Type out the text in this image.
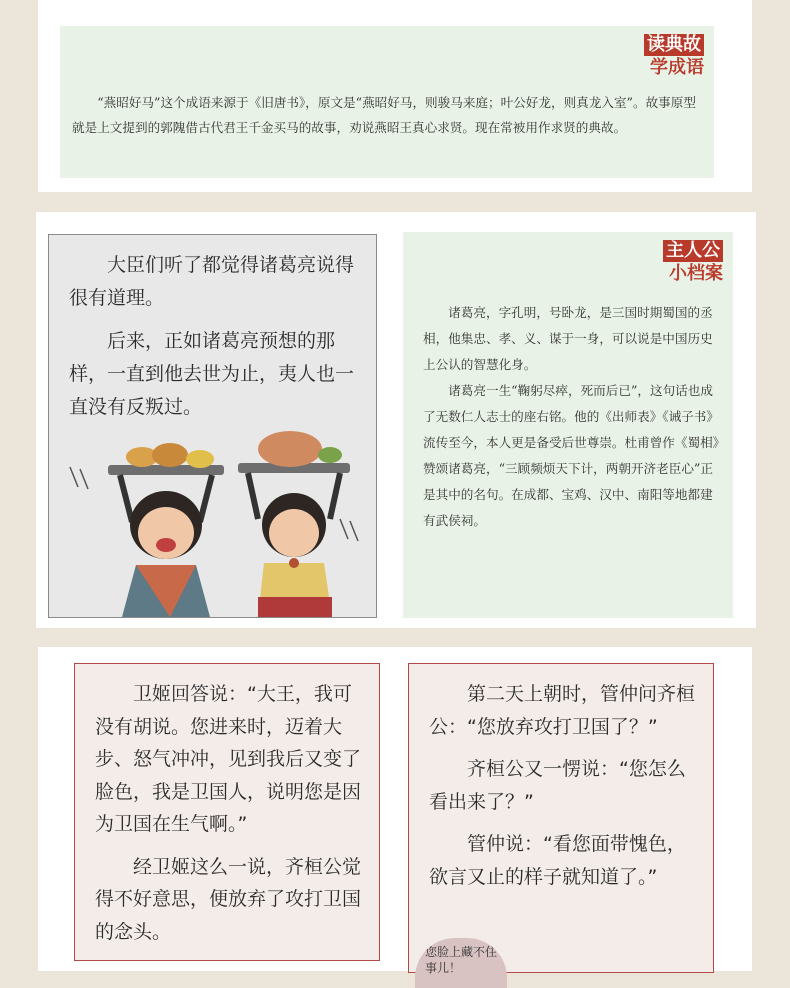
读典故
学成语

“燕昭好马”这个成语来源于《旧唐书》，原文是“燕昭好马，则骏马来庭；叶公好龙，则真龙入室”。故事原型就是上文提到的郭隗借古代君王千金买马的故事，劝说燕昭王真心求贤。现在常被用作求贤的典故。

大臣们听了都觉得诸葛亮说得很有道理。

后来，正如诸葛亮预想的那样，一直到他去世为止，夷人也一直没有反叛过。

主人公
小档案

诸葛亮，字孔明，号卧龙，是三国时期蜀国的丞相，他集忠、孝、义、谋于一身，可以说是中国历史上公认的智慧化身。

诸葛亮一生“鞠躬尽瘁，死而后已”，这句话也成了无数仁人志士的座右铭。他的《出师表》《诫子书》流传至今，本人更是备受后世尊崇。杜甫曾作《蜀相》赞颂诸葛亮，“三顾频烦天下计，两朝开济老臣心”正是其中的名句。在成都、宝鸡、汉中、南阳等地都建有武侯祠。

卫姬回答说：“大王，我可没有胡说。您进来时，迈着大步、怒气冲冲，见到我后又变了脸色，我是卫国人，说明您是因为卫国在生气啊。”

经卫姬这么一说，齐桓公觉得不好意思，便放弃了攻打卫国的念头。

第二天上朝时，管仲问齐桓公：“您放弃攻打卫国了？”

齐桓公又一愣说：“您怎么看出来了？”

管仲说：“看您面带愧色，欲言又止的样子就知道了。”

您脸上藏不住事儿！
